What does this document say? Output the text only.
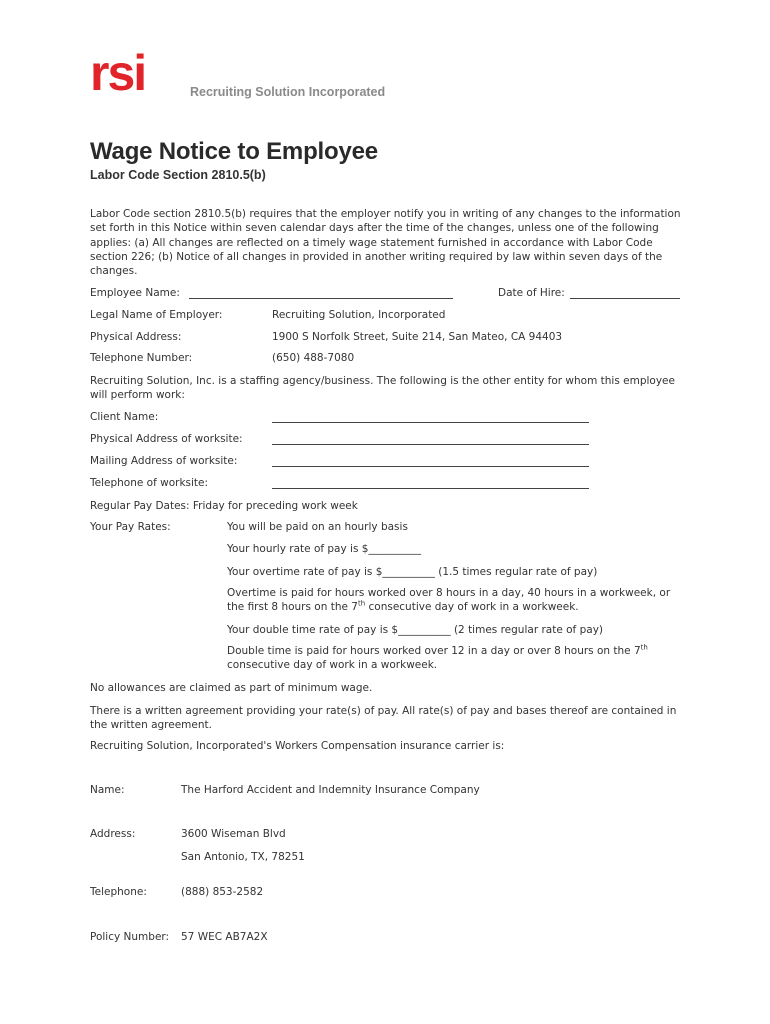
rsi	Recruiting Solution Incorporated
Wage Notice to Employee
Labor Code Section 2810.5(b)
Labor Code section 2810.5(b) requires that the employer notify you in writing of any changes to the information set forth in this Notice within seven calendar days after the time of the changes, unless one of the following applies: (a) All changes are reflected on a timely wage statement furnished in accordance with Labor Code section 226; (b) Notice of all changes in provided in another writing required by law within seven days of the changes.
Employee Name:	Date of Hire:
Legal Name of Employer:	Recruiting Solution, Incorporated
Physical Address:	1900 S Norfolk Street, Suite 214, San Mateo, CA 94403
Telephone Number:	(650) 488-7080
Recruiting Solution, Inc. is a staffing agency/business. The following is the other entity for whom this employee will perform work:
Client Name:
Physical Address of worksite:
Mailing Address of worksite:
Telephone of worksite:
Regular Pay Dates: Friday for preceding work week
Your Pay Rates:	You will be paid on an hourly basis
Your hourly rate of pay is $__________
Your overtime rate of pay is $__________ (1.5 times regular rate of pay)
Overtime is paid for hours worked over 8 hours in a day, 40 hours in a workweek, or
the first 8 hours on the 7th consecutive day of work in a workweek.
Your double time rate of pay is $__________ (2 times regular rate of pay)
Double time is paid for hours worked over 12 in a day or over 8 hours on the 7th
consecutive day of work in a workweek.
No allowances are claimed as part of minimum wage.
There is a written agreement providing your rate(s) of pay. All rate(s) of pay and bases thereof are contained in the written agreement.
Recruiting Solution, Incorporated's Workers Compensation insurance carrier is:
Name:	The Harford Accident and Indemnity Insurance Company
Address:	3600 Wiseman Blvd
San Antonio, TX, 78251
Telephone:	(888) 853-2582
Policy Number: 57 WEC AB7A2X
